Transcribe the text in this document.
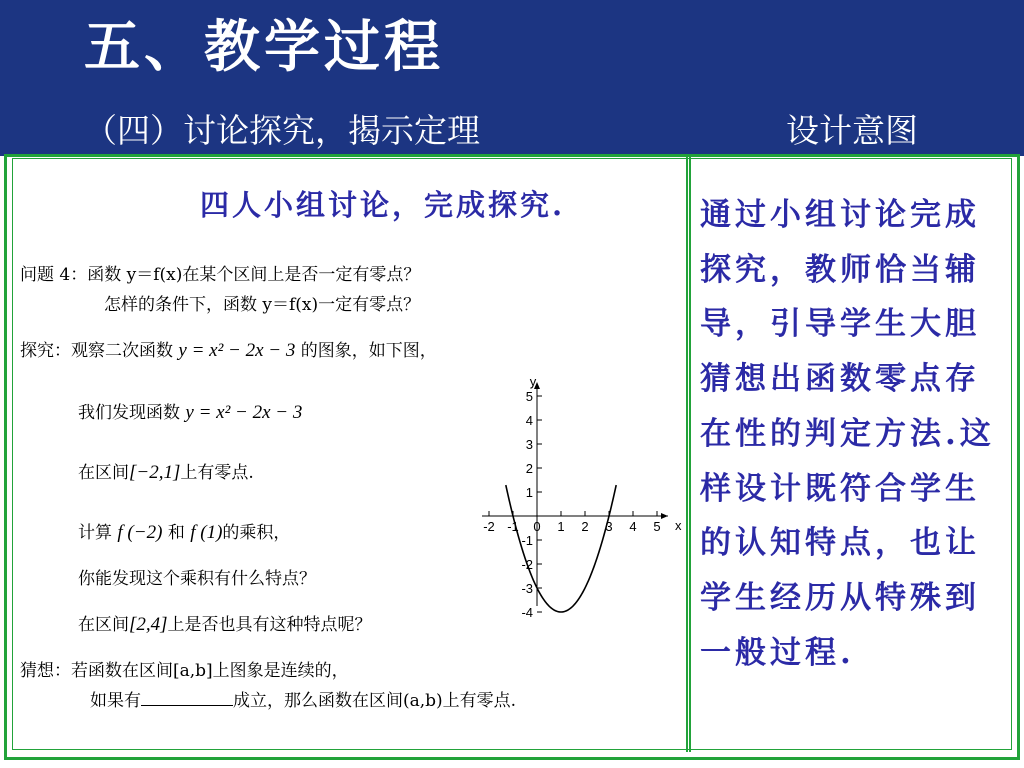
五、教学过程
（四）讨论探究，揭示定理	设计意图
四人小组讨论，完成探究.
问题 4：函数 y＝f(x)在某个区间上是否一定有零点？
怎样的条件下，函数 y＝f(x)一定有零点？
探究：观察二次函数 y = x² − 2x − 3 的图象，如下图，
我们发现函数 y = x² − 2x − 3
在区间[−2,1]上有零点.
计算 f (−2) 和 f (1)的乘积，
你能发现这个乘积有什么特点？
在区间[2,4]上是否也具有这种特点呢？
猜想：若函数在区间[a,b]上图象是连续的，
如果有	成立，那么函数在区间(a,b)上有零点.
y
x
5
4
3
2
1
-1
-2
-3
-4
-2 -1 0 1 2 3 4 5
通过小组讨论完成探究，教师恰当辅导，引导学生大胆猜想出函数零点存在性的判定方法.这样设计既符合学生的认知特点，也让学生经历从特殊到一般过程.
